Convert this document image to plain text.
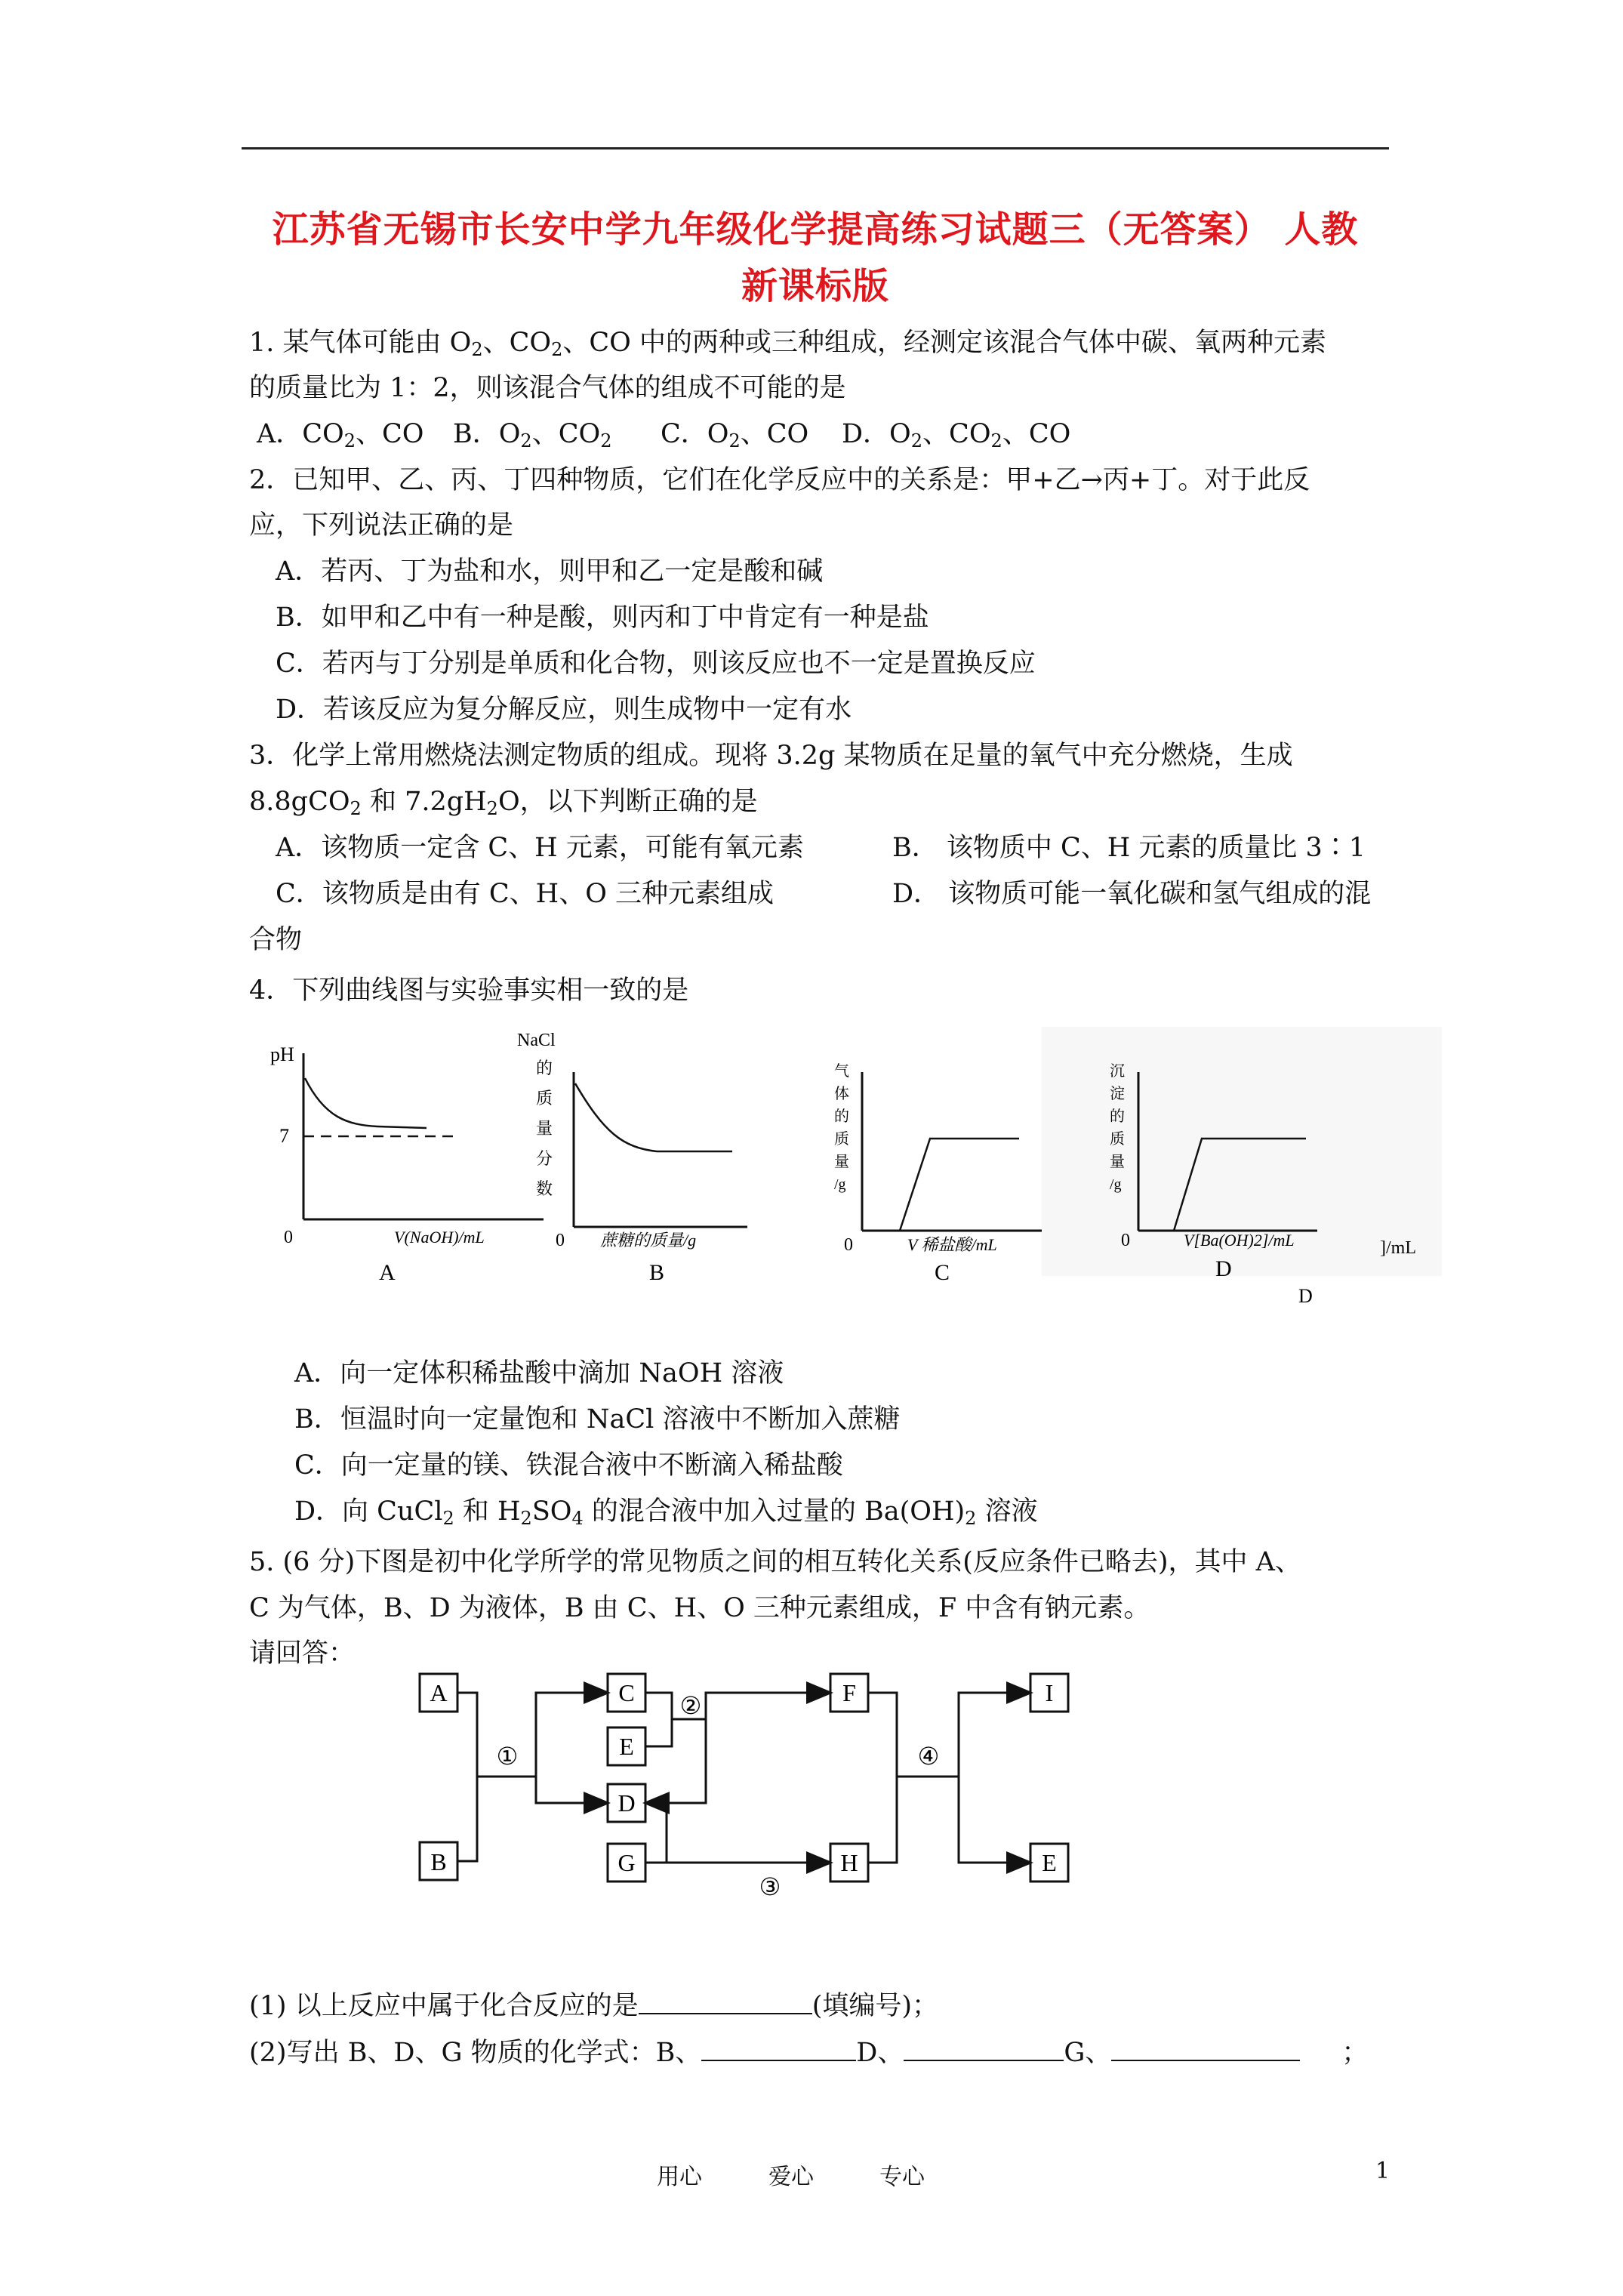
江苏省无锡市长安中学九年级化学提高练习试题三（无答案） 人教
新课标版
1. 某气体可能由 $O_2$、$CO_2$、CO 中的两种或三种组成，经测定该混合气体中碳、氧两种元素
的质量比为 1：2，则该混合气体的组成不可能的是
A．$CO_2$、CO B．$O_2$、$CO_2$ C．$O_2$、CO D．$O_2$、$CO_2$、CO
2．已知甲、乙、丙、丁四种物质，它们在化学反应中的关系是：甲+乙→丙+丁。对于此反
应，下列说法正确的是
A．若丙、丁为盐和水，则甲和乙一定是酸和碱
B．如甲和乙中有一种是酸，则丙和丁中肯定有一种是盐
C．若丙与丁分别是单质和化合物，则该反应也不一定是置换反应
D．若该反应为复分解反应，则生成物中一定有水
3．化学上常用燃烧法测定物质的组成。现将 3.2g 某物质在足量的氧气中充分燃烧，生成
8.8gCO$_2$ 和 $7.2gH_2O$，以下判断正确的是
A．该物质一定含 C、H 元素，可能有氧元素	B． 该物质中 C、H 元素的质量比 3∶1
C．该物质是由有 C、H、O 三种元素组成	D． 该物质可能一氧化碳和氢气组成的混
合物
4．下列曲线图与实验事实相一致的是
pH
7
0	V(NaOH)/mL
A
NaCl
的
质
量
分
数
0 蔗糖的质量/g
B
气
体
的
质
量
/g
0	V 稀盐酸/mL
C
沉
淀
的
质
量
/g
0	V[Ba(OH)2]/mL
D
]/mL
D
A．向一定体积稀盐酸中滴加 NaOH 溶液
B．恒温时向一定量饱和 NaCl 溶液中不断加入蔗糖
C．向一定量的镁、铁混合液中不断滴入稀盐酸
D．向 CuCl$_2$ 和 $H_2SO_4$ 的混合液中加入过量的 $Ba(OH)_2$ 溶液
5. (6 分)下图是初中化学所学的常见物质之间的相互转化关系(反应条件已略去)，其中 A、
C 为气体，B、D 为液体，B 由 C、H、O 三种元素组成，F 中含有钠元素。
请回答：
A
B
C
E
D
G
F
H
I
E
①
②
③
④
(1) 以上反应中属于化合反应的是	(填编号)；
(2)写出 B、D、G 物质的化学式：B、	D、	G、	；
用心	爱心	专心	1
